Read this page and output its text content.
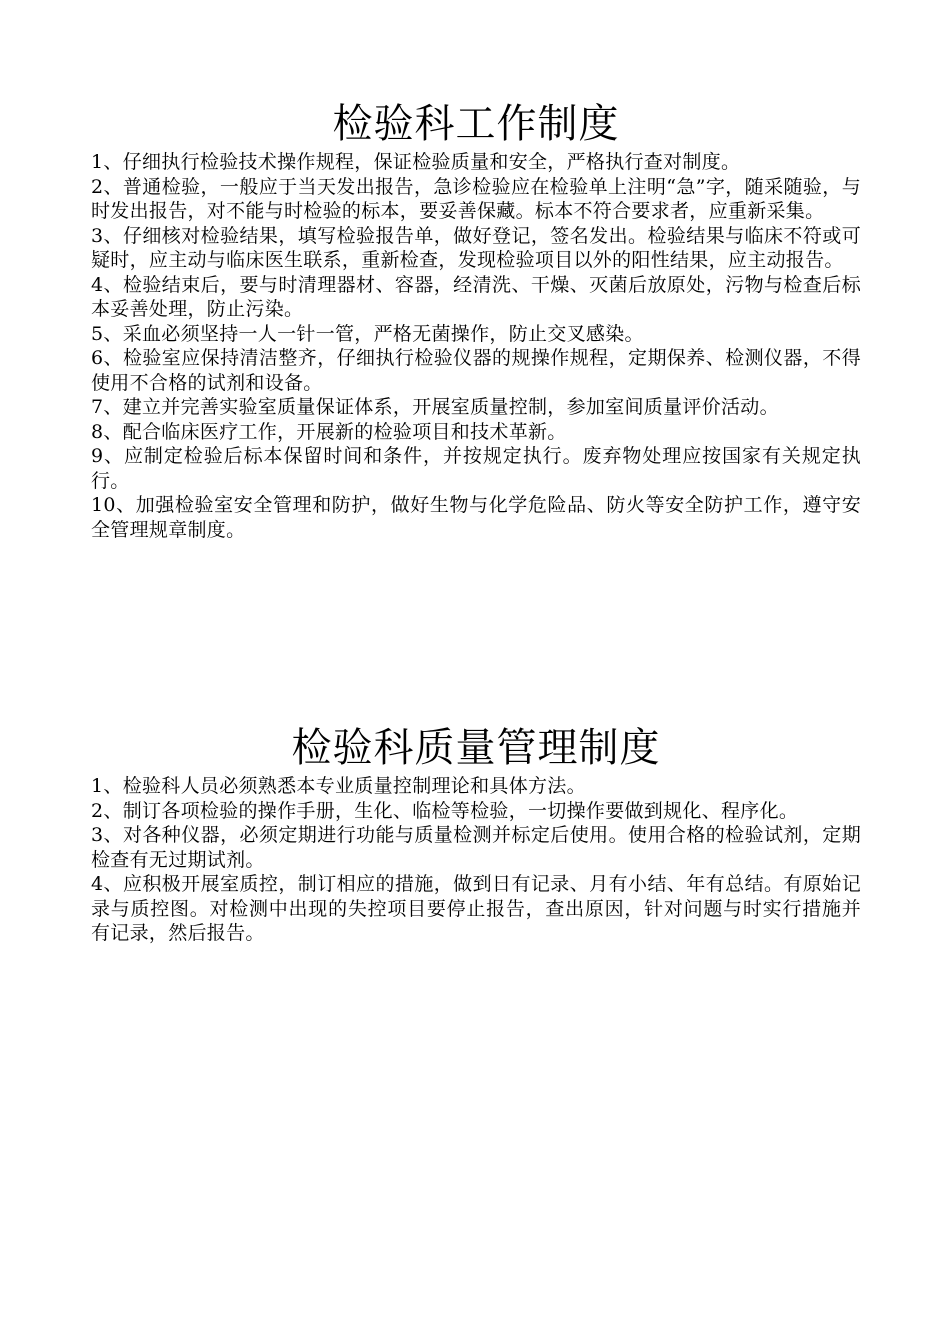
检验科工作制度

1、仔细执行检验技术操作规程，保证检验质量和安全，严格执行查对制度。

2、普通检验，一般应于当天发出报告，急诊检验应在检验单上注明“急”字，随采随验，与时发出报告，对不能与时检验的标本，要妥善保藏。标本不符合要求者，应重新采集。

3、仔细核对检验结果，填写检验报告单，做好登记，签名发出。检验结果与临床不符或可疑时，应主动与临床医生联系，重新检查，发现检验项目以外的阳性结果，应主动报告。

4、检验结束后，要与时清理器材、容器，经清洗、干燥、灭菌后放原处，污物与检查后标本妥善处理，防止污染。

5、采血必须坚持一人一针一管，严格无菌操作，防止交叉感染。

6、检验室应保持清洁整齐，仔细执行检验仪器的规操作规程，定期保养、检测仪器，不得使用不合格的试剂和设备。

7、建立并完善实验室质量保证体系，开展室质量控制，参加室间质量评价活动。

8、配合临床医疗工作，开展新的检验项目和技术革新。

9、应制定检验后标本保留时间和条件，并按规定执行。废弃物处理应按国家有关规定执行。

10、加强检验室安全管理和防护，做好生物与化学危险品、防火等安全防护工作，遵守安全管理规章制度。

检验科质量管理制度

1、检验科人员必须熟悉本专业质量控制理论和具体方法。

2、制订各项检验的操作手册，生化、临检等检验，一切操作要做到规化、程序化。

3、对各种仪器，必须定期进行功能与质量检测并标定后使用。使用合格的检验试剂，定期检查有无过期试剂。

4、应积极开展室质控，制订相应的措施，做到日有记录、月有小结、年有总结。有原始记录与质控图。对检测中出现的失控项目要停止报告，查出原因，针对问题与时实行措施并有记录，然后报告。
